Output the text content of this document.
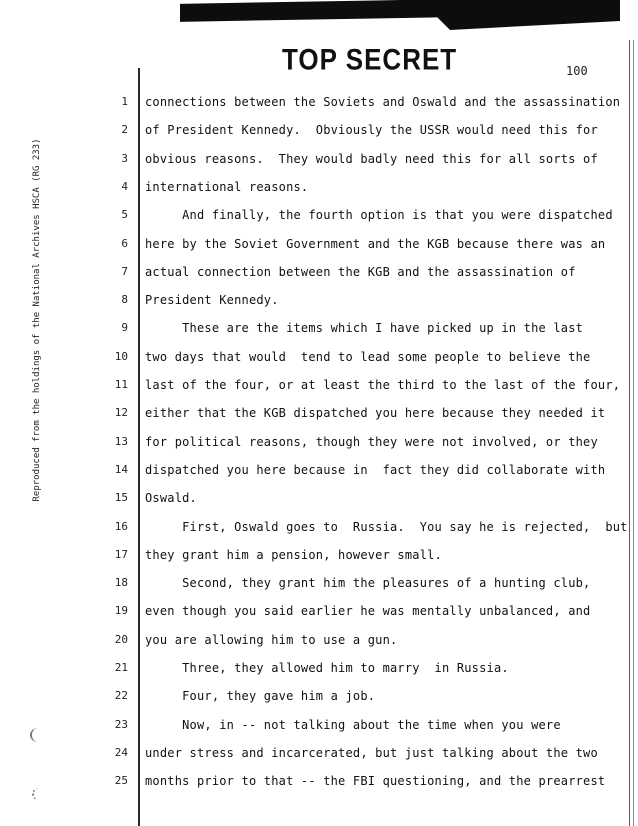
TOP SECRET	100
Reproduced from the holdings of the National Archives HSCA (RG 233)
1 connections between the Soviets and Oswald and the assassination
2 of President Kennedy.  Obviously the USSR would need this for
3 obvious reasons.  They would badly need this for all sorts of
4 international reasons.
5 And finally, the fourth option is that you were dispatched
6 here by the Soviet Government and the KGB because there was an
7 actual connection between the KGB and the assassination of
8 President Kennedy.
9 These are the items which I have picked up in the last
10 two days that would  tend to lead some people to believe the
11 last of the four, or at least the third to the last of the four,
12 either that the KGB dispatched you here because they needed it
13 for political reasons, though they were not involved, or they
14 dispatched you here because in  fact they did collaborate with
15 Oswald.
16 First, Oswald goes to  Russia.  You say he is rejected,  but
17 they grant him a pension, however small.
18 Second, they grant him the pleasures of a hunting club,
19 even though you said earlier he was mentally unbalanced, and
20 you are allowing him to use a gun.
21 Three, they allowed him to marry  in Russia.
22 Four, they gave him a job.
23 Now, in -- not talking about the time when you were
24 under stress and incarcerated, but just talking about the two
25 months prior to that -- the FBI questioning, and the prearrest
